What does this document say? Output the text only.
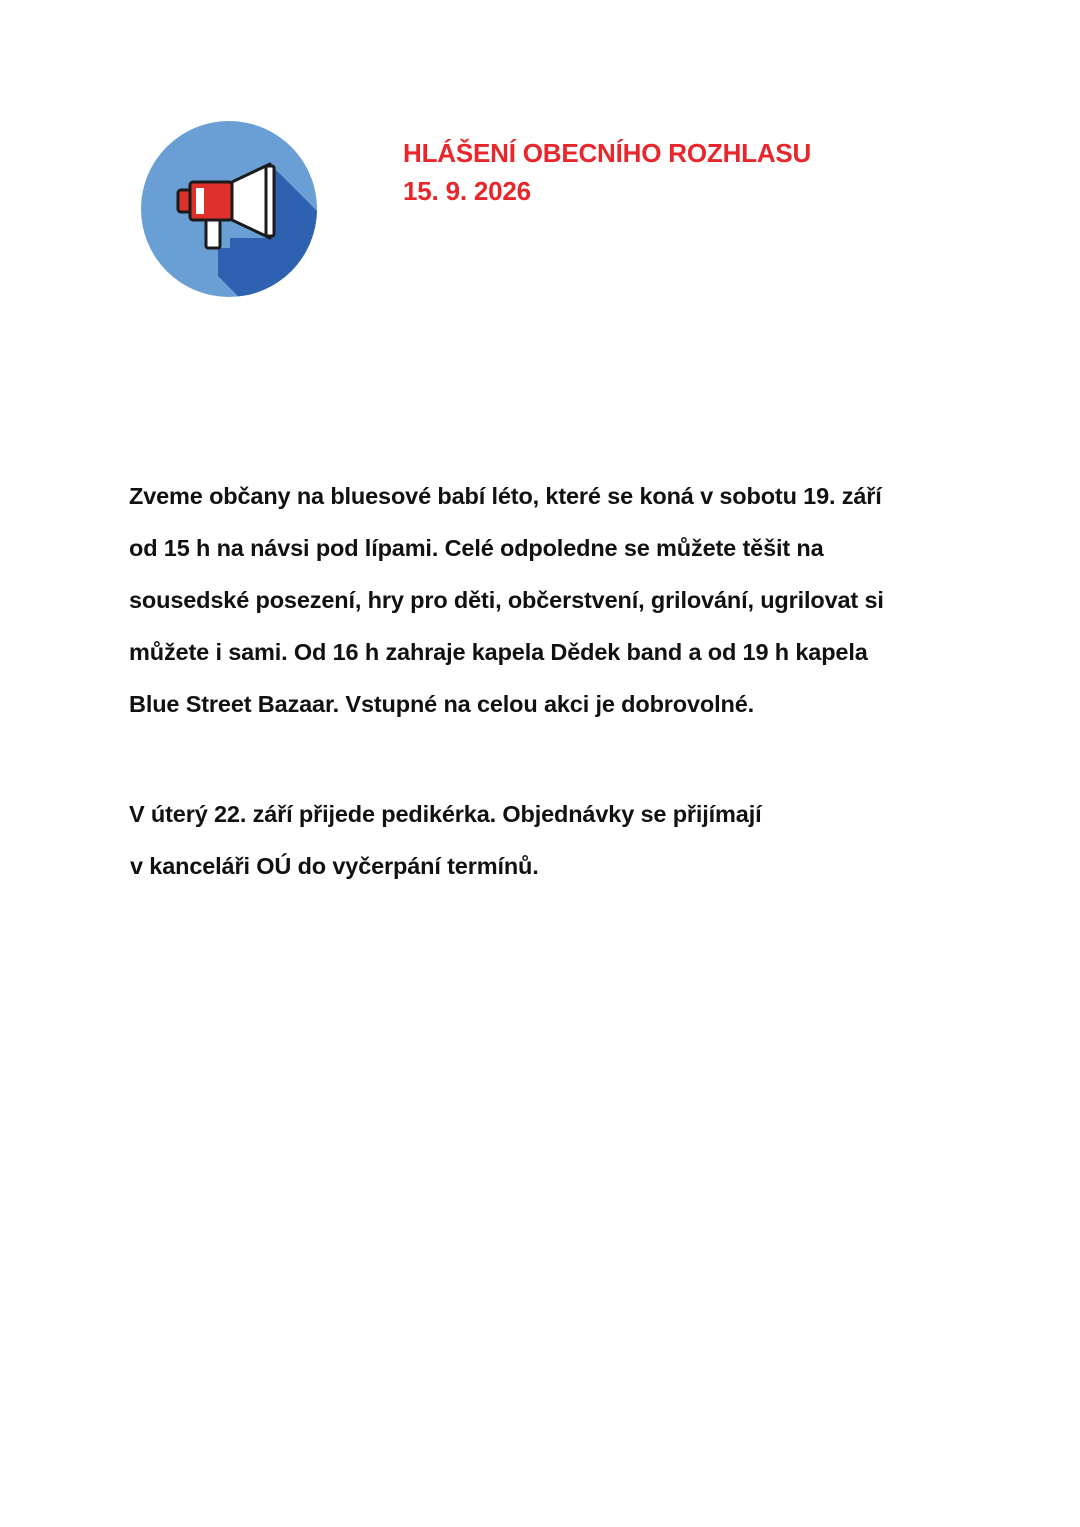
HLÁŠENÍ OBECNÍHO ROZHLASU
15. 9. 2026
Zveme občany na bluesové babí léto, které se koná v sobotu 19. září
od 15 h na návsi pod lípami. Celé odpoledne se můžete těšit na
sousedské posezení, hry pro děti, občerstvení, grilování, ugrilovat si
můžete i sami. Od 16 h zahraje kapela Dědek band a od 19 h kapela
Blue Street Bazaar. Vstupné na celou akci je dobrovolné.
V úterý 22. září přijede pedikérka. Objednávky se přijímají
v kanceláři OÚ do vyčerpání termínů.
